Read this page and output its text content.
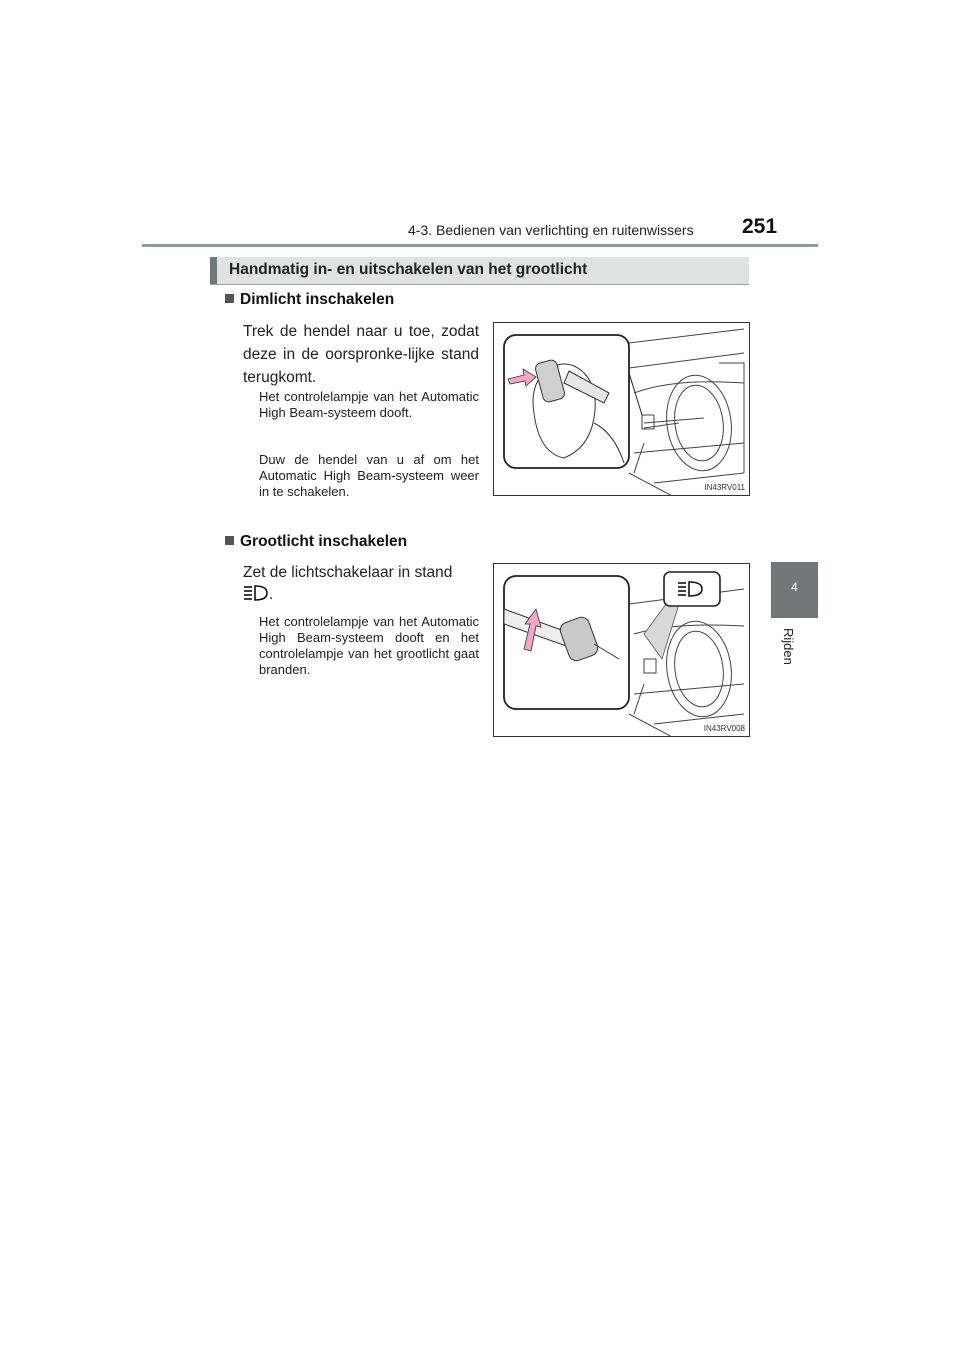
4-3. Bedienen van verlichting en ruitenwissers 251
4
Rijden
Handmatig in- en uitschakelen van het grootlicht
Dimlicht inschakelen
Trek de hendel naar u toe, zodat deze in de oorspronke-lijke stand terugkomt.
Het controlelampje van het Automatic High Beam-systeem dooft.
Duw de hendel van u af om het Automatic High Beam-systeem weer in te schakelen.	IN43RV011
Grootlicht inschakelen
Zet de lichtschakelaar in stand
.
Het controlelampje van het Automatic High Beam-systeem dooft en het controlelampje van het grootlicht gaat branden.
IN43RV008
